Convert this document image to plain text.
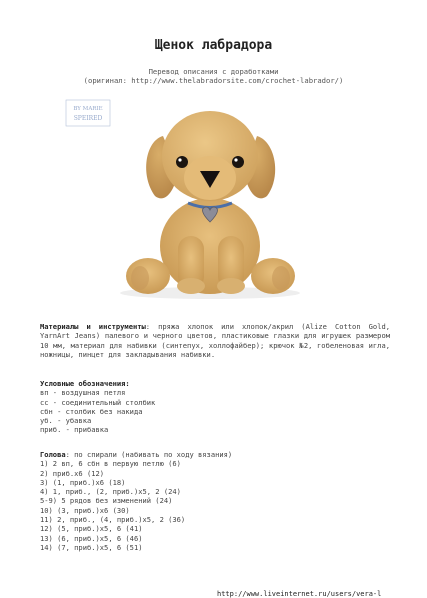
Щенок лабрадора
Перевод описания с доработками
(оригинал: http://www.thelabradorsite.com/crochet-labrador/)
BY MARIE
SPEIRED
Материалы и инструменты: пряжа хлопок или хлопок/акрил (Alize Cotton Gold, YarnArt Jeans) палевого и черного цветов, пластиковые глазки для игрушек размером 10 мм, материал для набивки (синтепух, холлофайбер); крючок №2, гобеленовая игла, ножницы, пинцет для закладывания набивки.
Условные обозначения:
вп - воздушная петля
сс - соединительный столбик
сбн - столбик без накида
уб. - убавка
приб. - прибавка
Голова: по спирали (набивать по ходу вязания)
1) 2 вп, 6 сбн в первую петлю (6)
2) приб.x6 (12)
3) (1, приб.)x6 (18)
4) 1, приб., (2, приб.)x5, 2 (24)
5-9) 5 рядов без изменений (24)
10) (3, приб.)x6 (30)
11) 2, приб., (4, приб.)x5, 2 (36)
12) (5, приб.)x5, 6 (41)
13) (6, приб.)x5, 6 (46)
14) (7, приб.)x5, 6 (51)
http://www.liveinternet.ru/users/vera-l
